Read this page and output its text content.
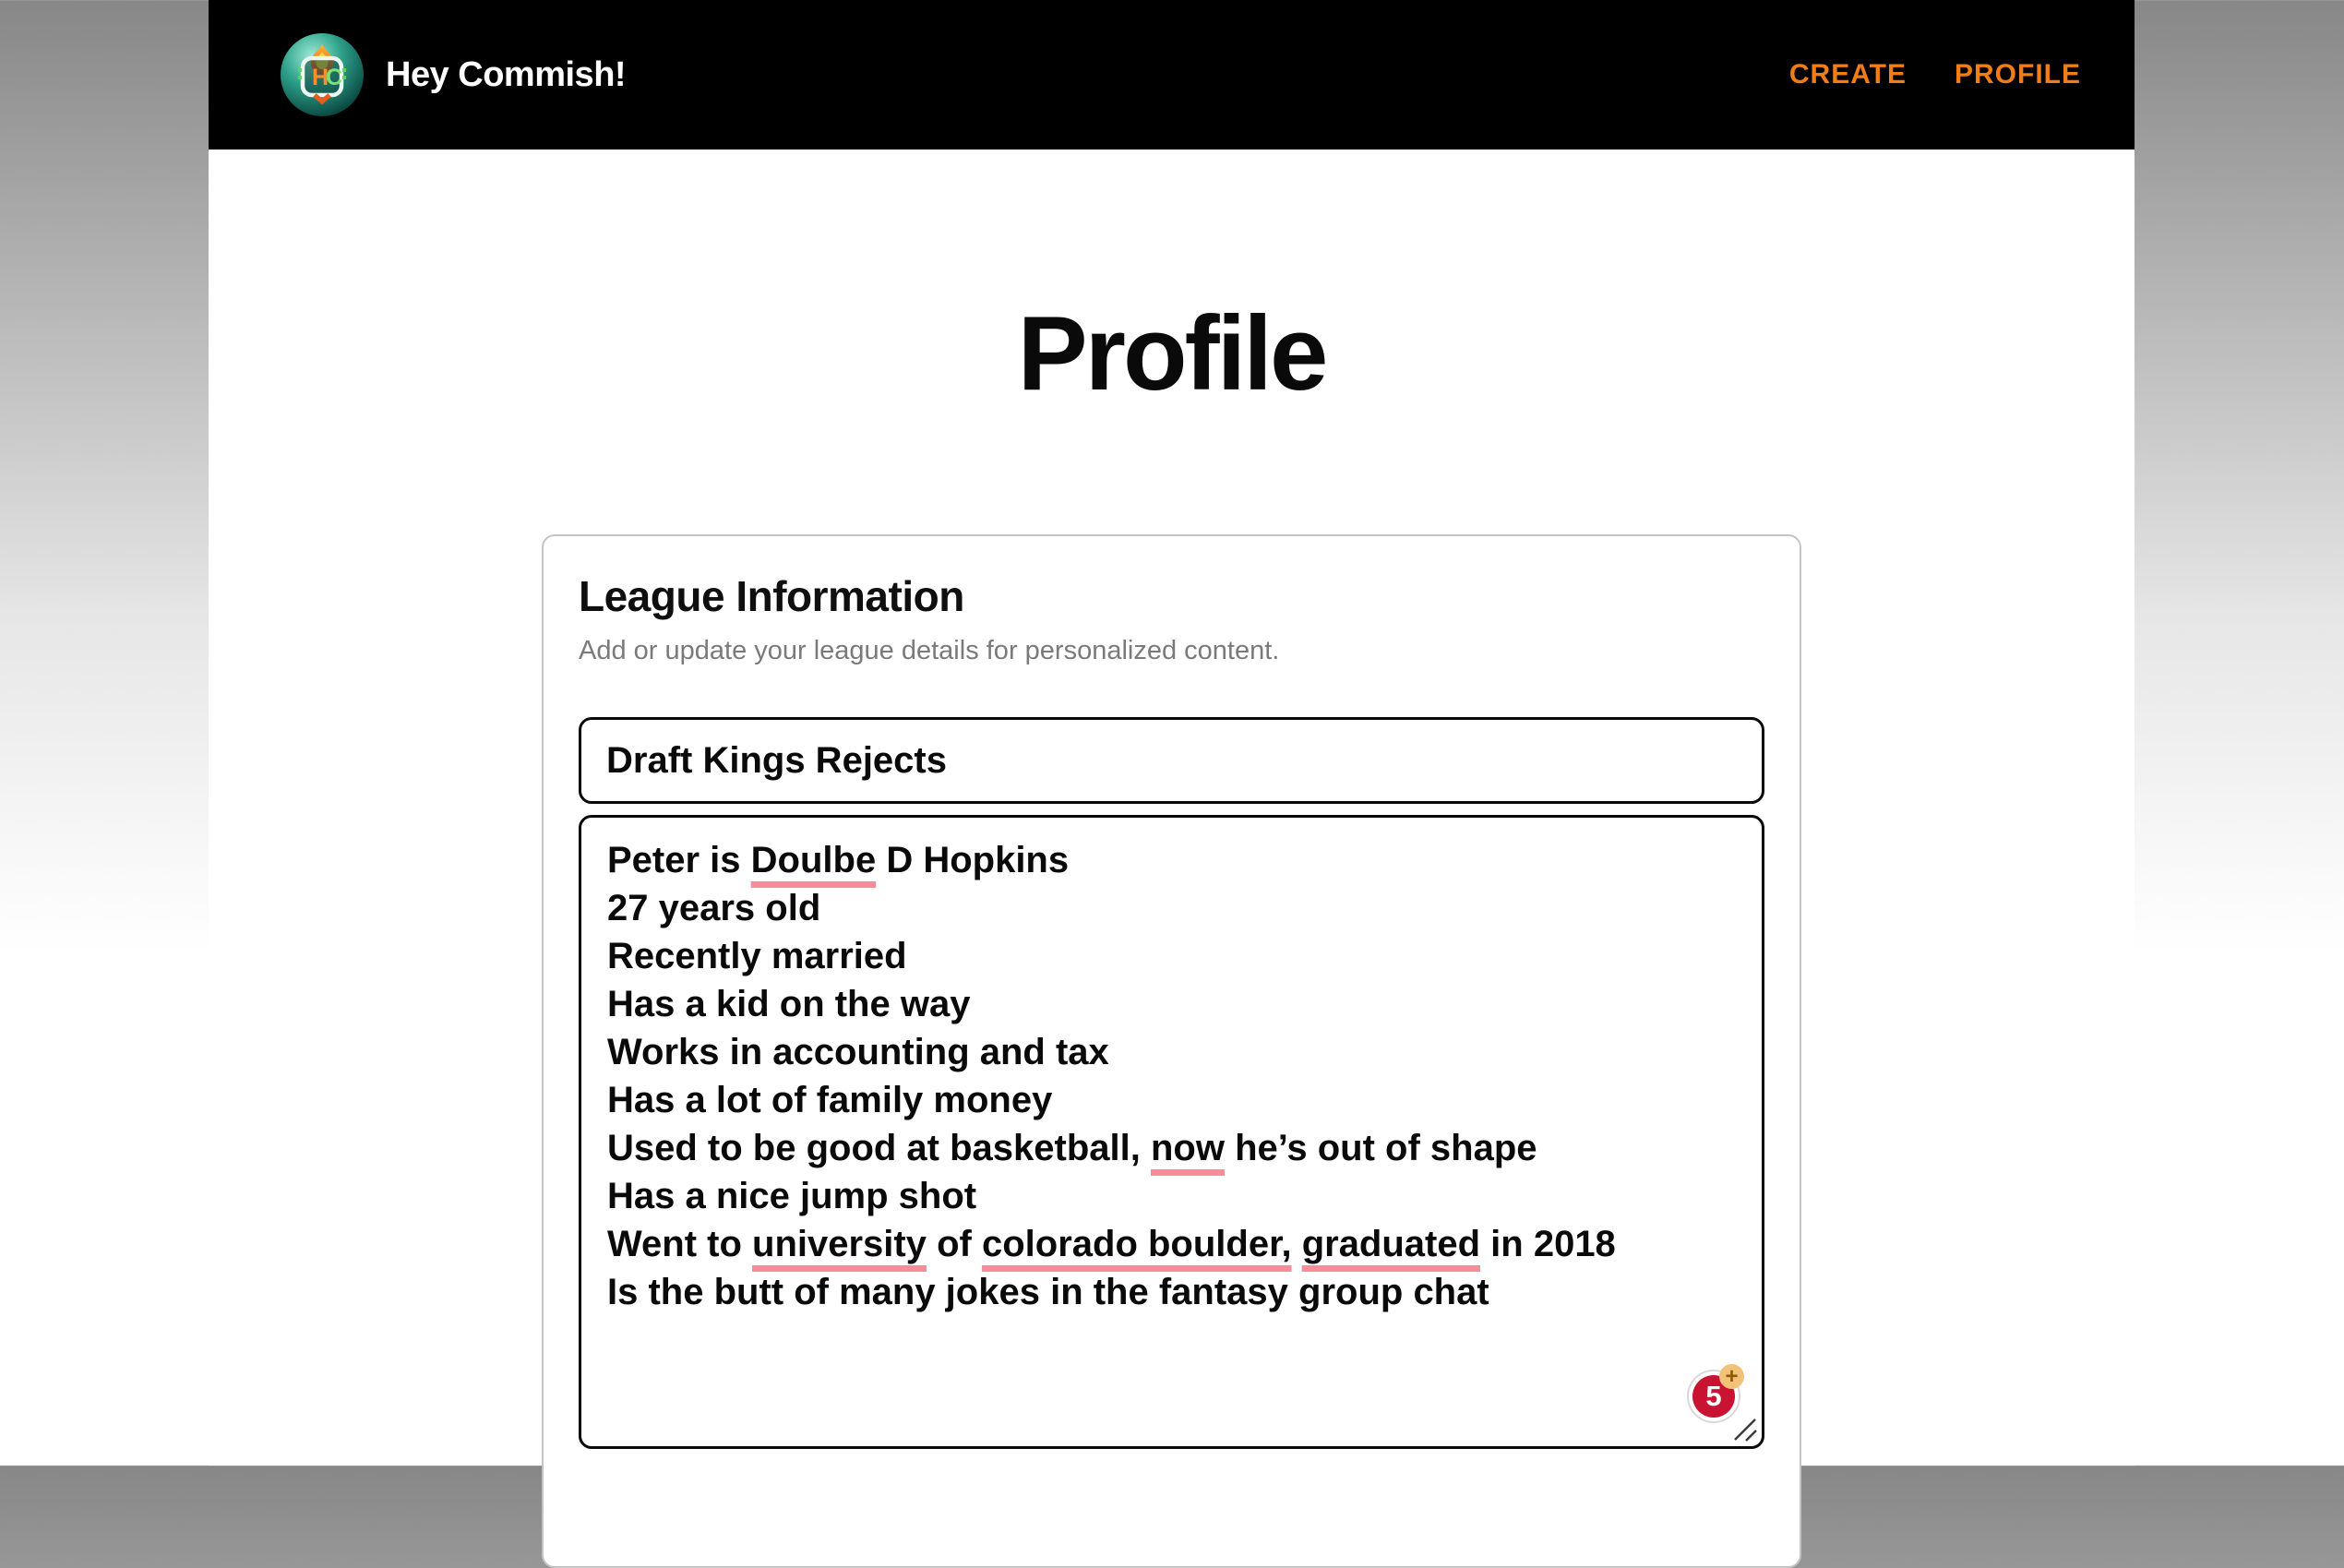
H
C Hey Commish!	CREATE PROFILE
Profile
League Information

Add or update your league details for personalized content.

Draft Kings Rejects
Peter is Doulbe D Hopkins
27 years old
Recently married
Has a kid on the way
Works in accounting and tax
Has a lot of family money
Used to be good at basketball, now he’s out of shape
Has a nice jump shot
Went to university of colorado boulder, graduated in 2018
Is the butt of many jokes in the fantasy group chat
5
+
